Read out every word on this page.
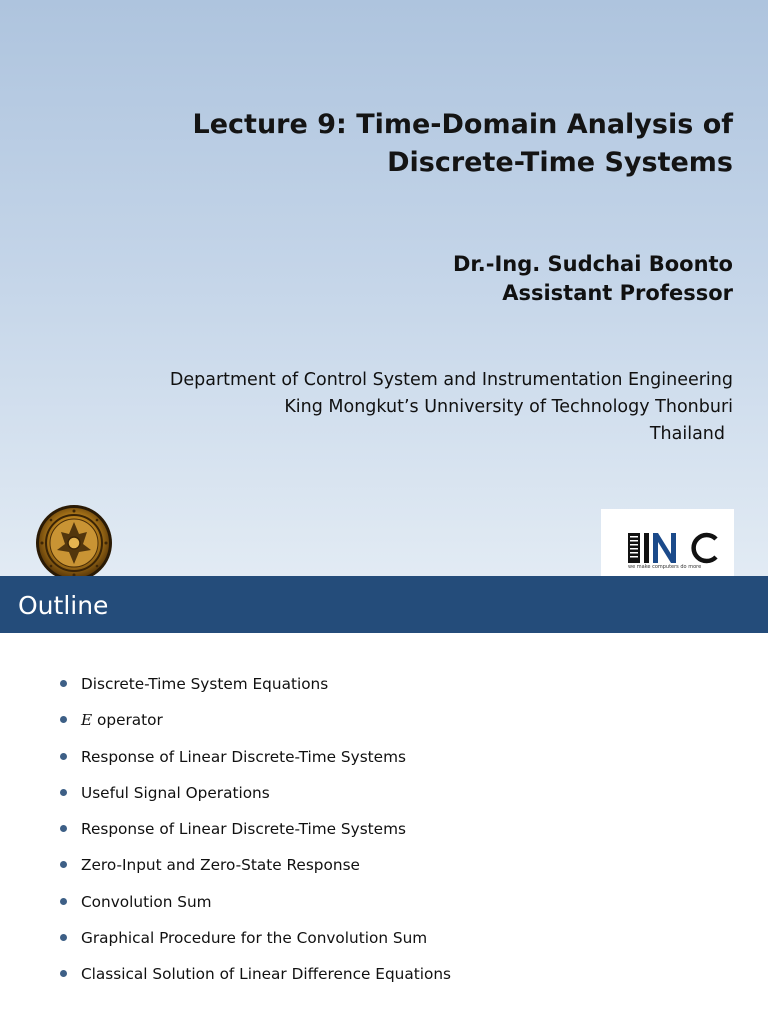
Lecture 9: Time-Domain Analysis of
Discrete-Time Systems
Dr.-Ing. Sudchai Boonto
Assistant Professor
Department of Control System and Instrumentation Engineering
King Mongkut’s Unniversity of Technology Thonburi
Thailand
we make computers do more
Outline
Discrete-Time System Equations
E operator
Response of Linear Discrete-Time Systems
Useful Signal Operations
Response of Linear Discrete-Time Systems
Zero-Input and Zero-State Response
Convolution Sum
Graphical Procedure for the Convolution Sum
Classical Solution of Linear Difference Equations
